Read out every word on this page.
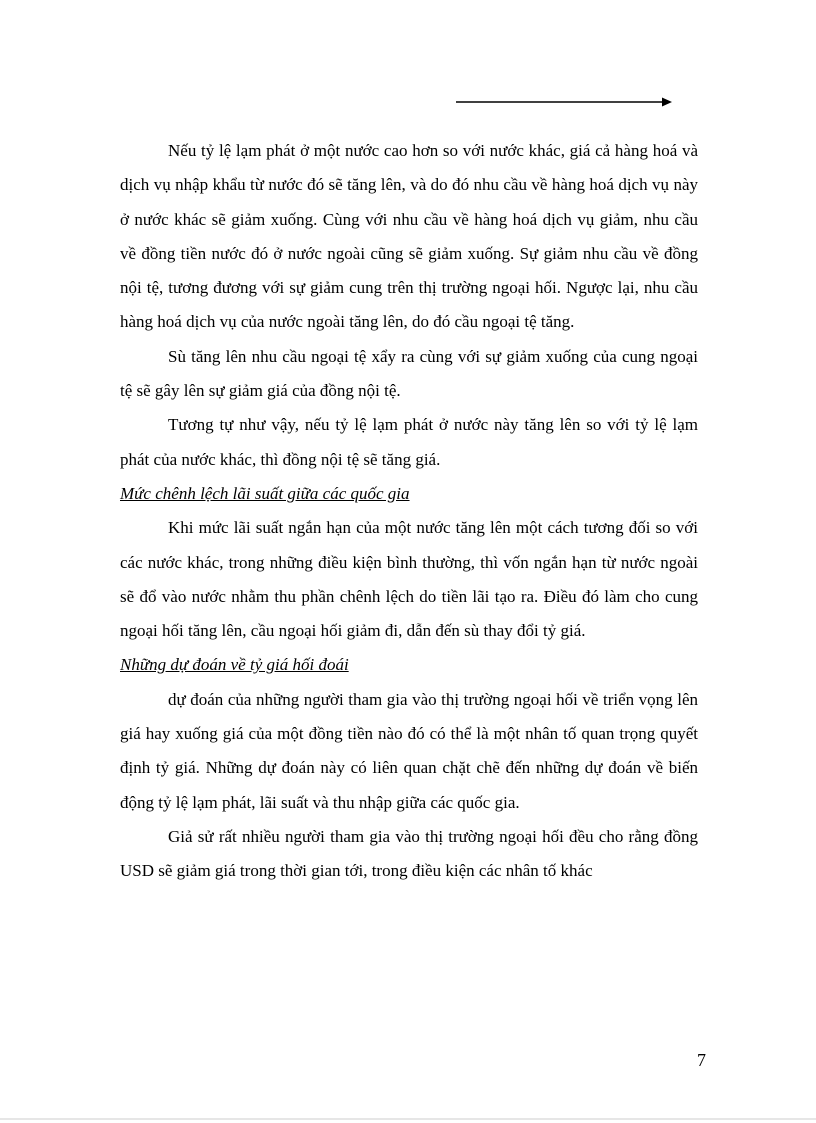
Nếu tỷ lệ lạm phát ở một nước cao hơn so với nước khác, giá cả hàng hoá và dịch vụ nhập khẩu từ nước đó sẽ tăng lên, và do đó nhu cầu về hàng hoá dịch vụ này ở nước khác sẽ giảm xuống. Cùng với nhu cầu về hàng hoá dịch vụ giảm, nhu cầu về đồng tiền nước đó ở nước ngoài cũng sẽ giảm xuống. Sự giảm nhu cầu về đồng nội tệ, tương đương với sự giảm cung trên thị trường ngoại hối. Ngược lại, nhu cầu hàng hoá dịch vụ của nước ngoài tăng lên, do đó cầu ngoại tệ tăng.

Sù tăng lên nhu cầu ngoại tệ xẩy ra cùng với sự giảm xuống của cung ngoại tệ sẽ gây lên sự giảm giá của đồng nội tệ.

Tương tự như vậy, nếu tỷ lệ lạm phát ở nước này tăng lên so với tỷ lệ lạm phát của nước khác, thì đồng nội tệ sẽ tăng giá.

Mức chênh lệch lãi suất giữa các quốc gia

Khi mức lãi suất ngắn hạn của một nước tăng lên một cách tương đối so với các nước khác, trong những điều kiện bình thường, thì vốn ngắn hạn từ nước ngoài sẽ đổ vào nước nhằm thu phần chênh lệch do tiền lãi tạo ra. Điều đó làm cho cung ngoại hối tăng lên, cầu ngoại hối giảm đi, dẫn đến sù thay đổi tỷ giá.

Những dự đoán về tỷ giá hối đoái

dự đoán của những người tham gia vào thị trường ngoại hối về triển vọng lên giá hay xuống giá của một đồng tiền nào đó có thể là một nhân tố quan trọng quyết định tỷ giá. Những dự đoán này có liên quan chặt chẽ đến những dự đoán về biến động tỷ lệ lạm phát, lãi suất và thu nhập giữa các quốc gia.

Giả sử rất nhiều người tham gia vào thị trường ngoại hối đều cho rằng đồng USD sẽ giảm giá trong thời gian tới, trong điều kiện các nhân tố khác

7
